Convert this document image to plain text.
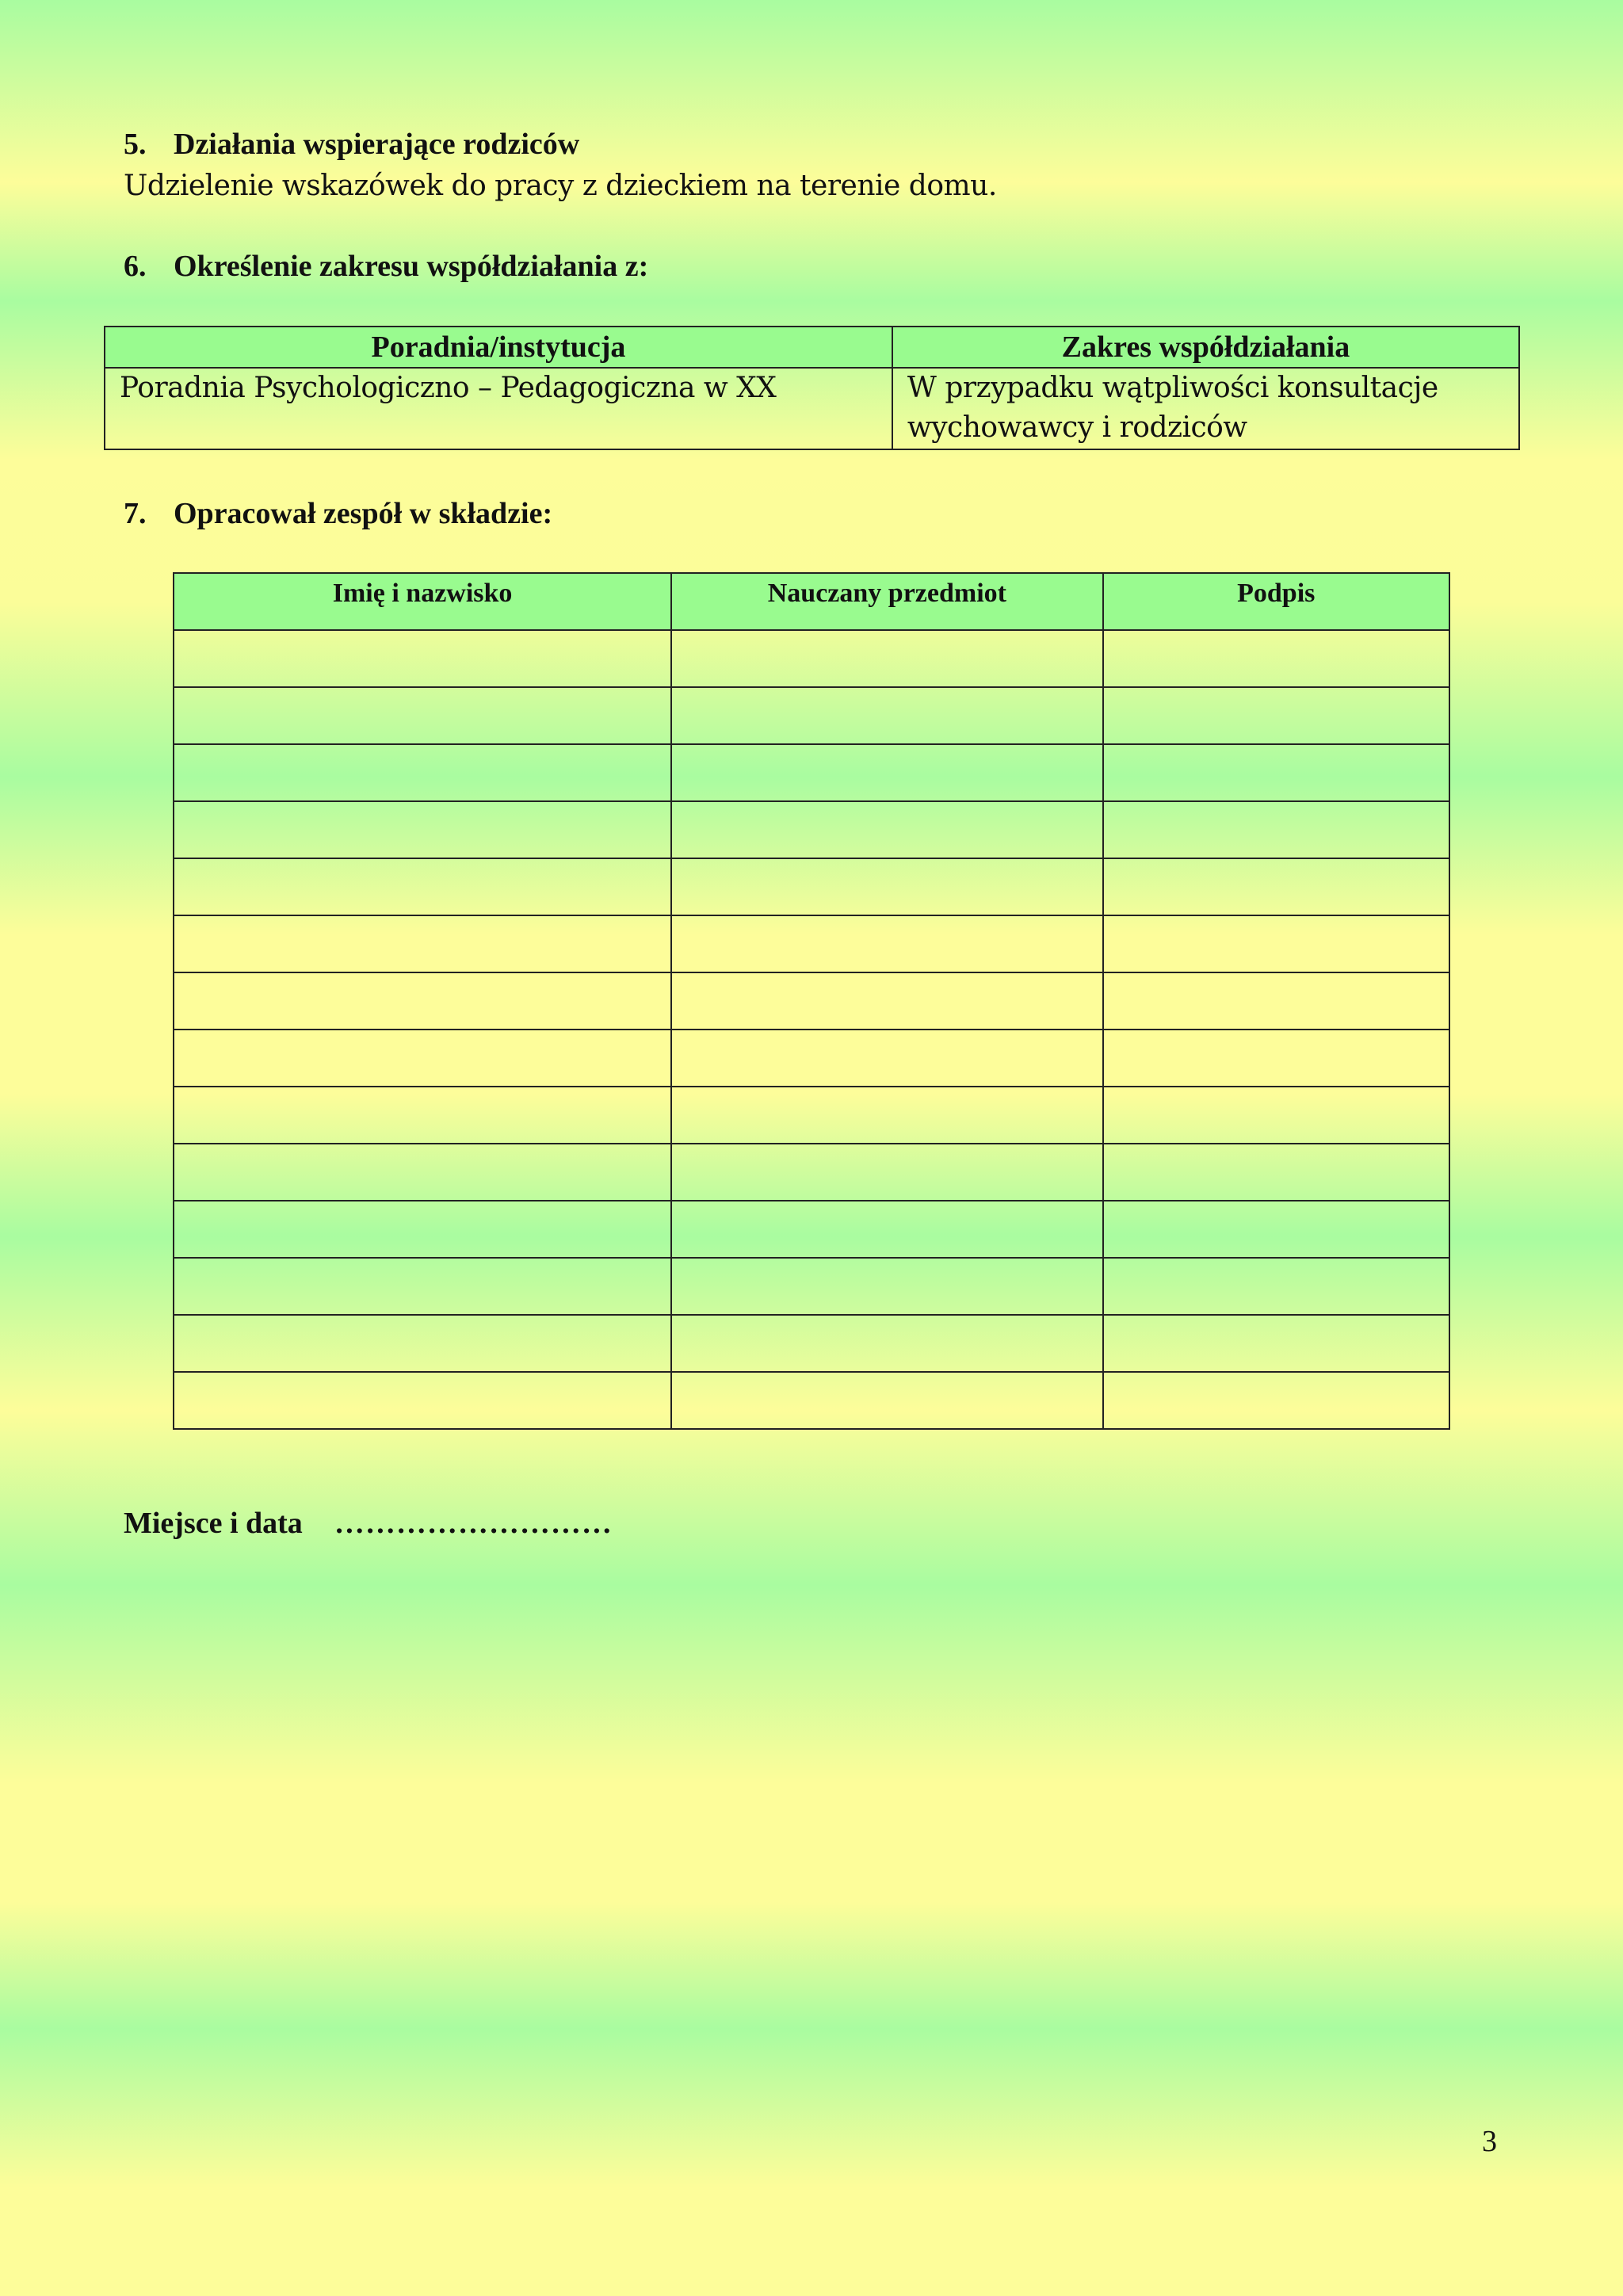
5. Działania wspierające rodziców
Udzielenie wskazówek do pracy z dzieckiem na terenie domu.
6. Określenie zakresu współdziałania z:
Poradnia/instytucja	Zakres współdziałania
Poradnia Psychologiczno – Pedagogiczna w XX	W przypadku wątpliwości konsultacje
wychowawcy i rodziców
7. Opracował zespół w składzie:
Imię i nazwisko	Nauczany przedmiot	Podpis

Miejsce i data ………………………
3
